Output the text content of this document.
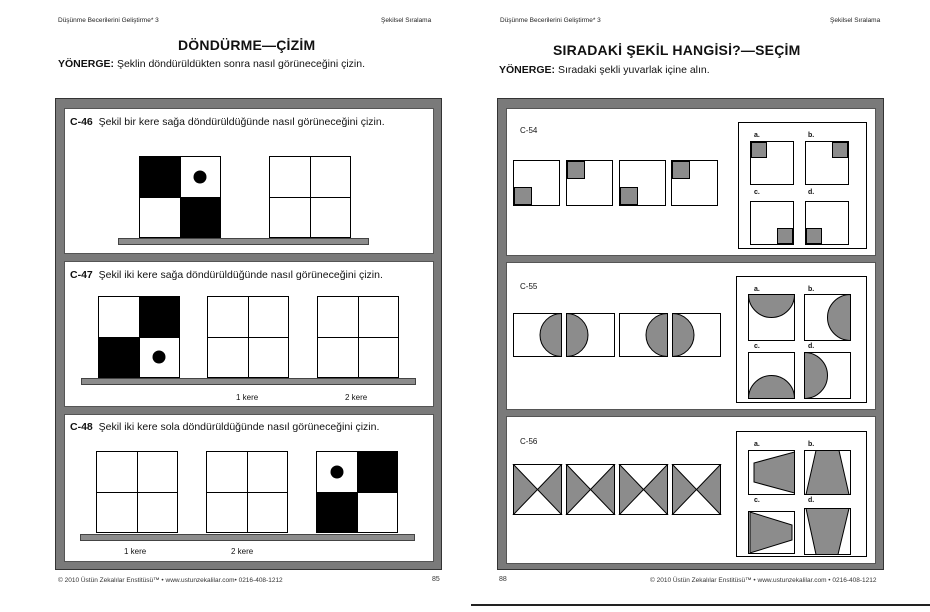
Düşünme Becerilerini Geliştirme* 3	Şekilsel Sıralama
DÖNDÜRME—ÇİZİM
YÖNERGE: Şeklin döndürüldükten sonra nasıl görüneceğini çizin.
C-46 Şekil bir kere sağa döndürüldüğünde nasıl görüneceğini çizin.
C-47 Şekil iki kere sağa döndürüldüğünde nasıl görüneceğini çizin.
1 kere	2 kere
C-48 Şekil iki kere sola döndürüldüğünde nasıl görüneceğini çizin.
1 kere	2 kere
© 2010 Üstün Zekalılar Enstitüsü™ • www.ustunzekalilar.com• 0216-408-1212	85
Düşünme Becerilerini Geliştirme* 3	Şekilsel Sıralama
SIRADAKİ ŞEKİL HANGİSİ?—SEÇİM
YÖNERGE: Sıradaki şekli yuvarlak içine alın.
C-54
a.	b.
c.	d.
C-55	a.	b.
c.	d.
C-56	a.	b.
c.	d.
88	© 2010 Üstün Zekalılar Enstitüsü™ • www.ustunzekalilar.com • 0216-408-1212
